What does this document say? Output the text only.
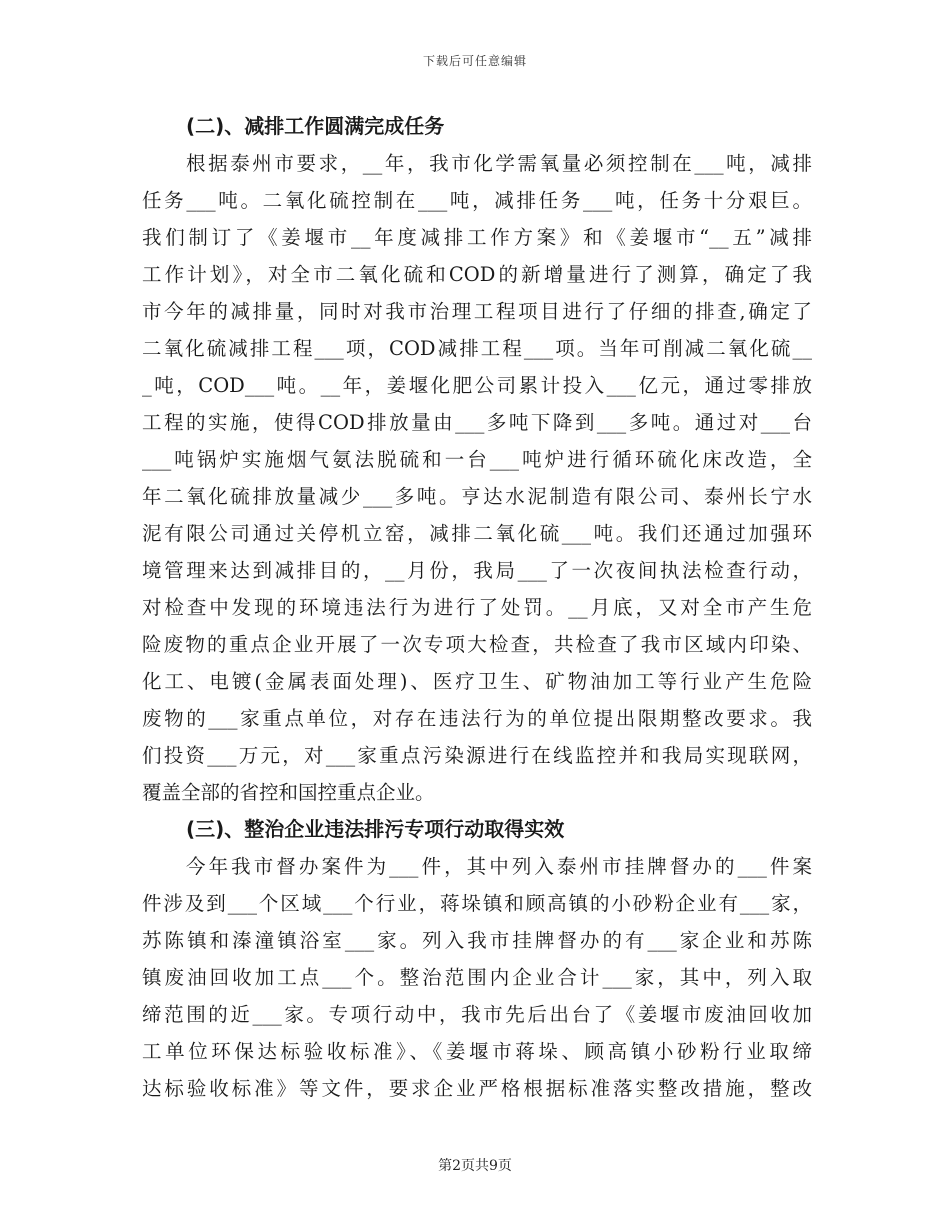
下载后可任意编辑
(二)、减排工作圆满完成任务
根据泰州市要求，__年，我市化学需氧量必须控制在___吨，减排
任务___吨。二氧化硫控制在___吨，减排任务___吨，任务十分艰巨。
我们制订了《姜堰市__年度减排工作方案》和《姜堰市“__五”减排
工作计划》，对全市二氧化硫和COD的新增量进行了测算，确定了我
市今年的减排量，同时对我市治理工程项目进行了仔细的排查,确定了
二氧化硫减排工程___项，COD减排工程___项。当年可削减二氧化硫__
_吨，COD___吨。__年，姜堰化肥公司累计投入___亿元，通过零排放
工程的实施，使得COD排放量由___多吨下降到___多吨。通过对___台
___吨锅炉实施烟气氨法脱硫和一台___吨炉进行循环硫化床改造，全
年二氧化硫排放量减少___多吨。亨达水泥制造有限公司、泰州长宁水
泥有限公司通过关停机立窑，减排二氧化硫___吨。我们还通过加强环
境管理来达到减排目的，__月份，我局___了一次夜间执法检查行动，
对检查中发现的环境违法行为进行了处罚。__月底，又对全市产生危
险废物的重点企业开展了一次专项大检查，共检查了我市区域内印染、
化工、电镀(金属表面处理)、医疗卫生、矿物油加工等行业产生危险
废物的___家重点单位，对存在违法行为的单位提出限期整改要求。我
们投资___万元，对___家重点污染源进行在线监控并和我局实现联网，
覆盖全部的省控和国控重点企业。
(三)、整治企业违法排污专项行动取得实效
今年我市督办案件为___件，其中列入泰州市挂牌督办的___件案
件涉及到___个区域___个行业，蒋垛镇和顾高镇的小砂粉企业有___家，
苏陈镇和溱潼镇浴室___家。列入我市挂牌督办的有___家企业和苏陈
镇废油回收加工点___个。整治范围内企业合计___家，其中，列入取
缔范围的近___家。专项行动中，我市先后出台了《姜堰市废油回收加
工单位环保达标验收标准》、《姜堰市蒋垛、顾高镇小砂粉行业取缔
达标验收标准》等文件，要求企业严格根据标准落实整改措施，整改
第2页共9页
